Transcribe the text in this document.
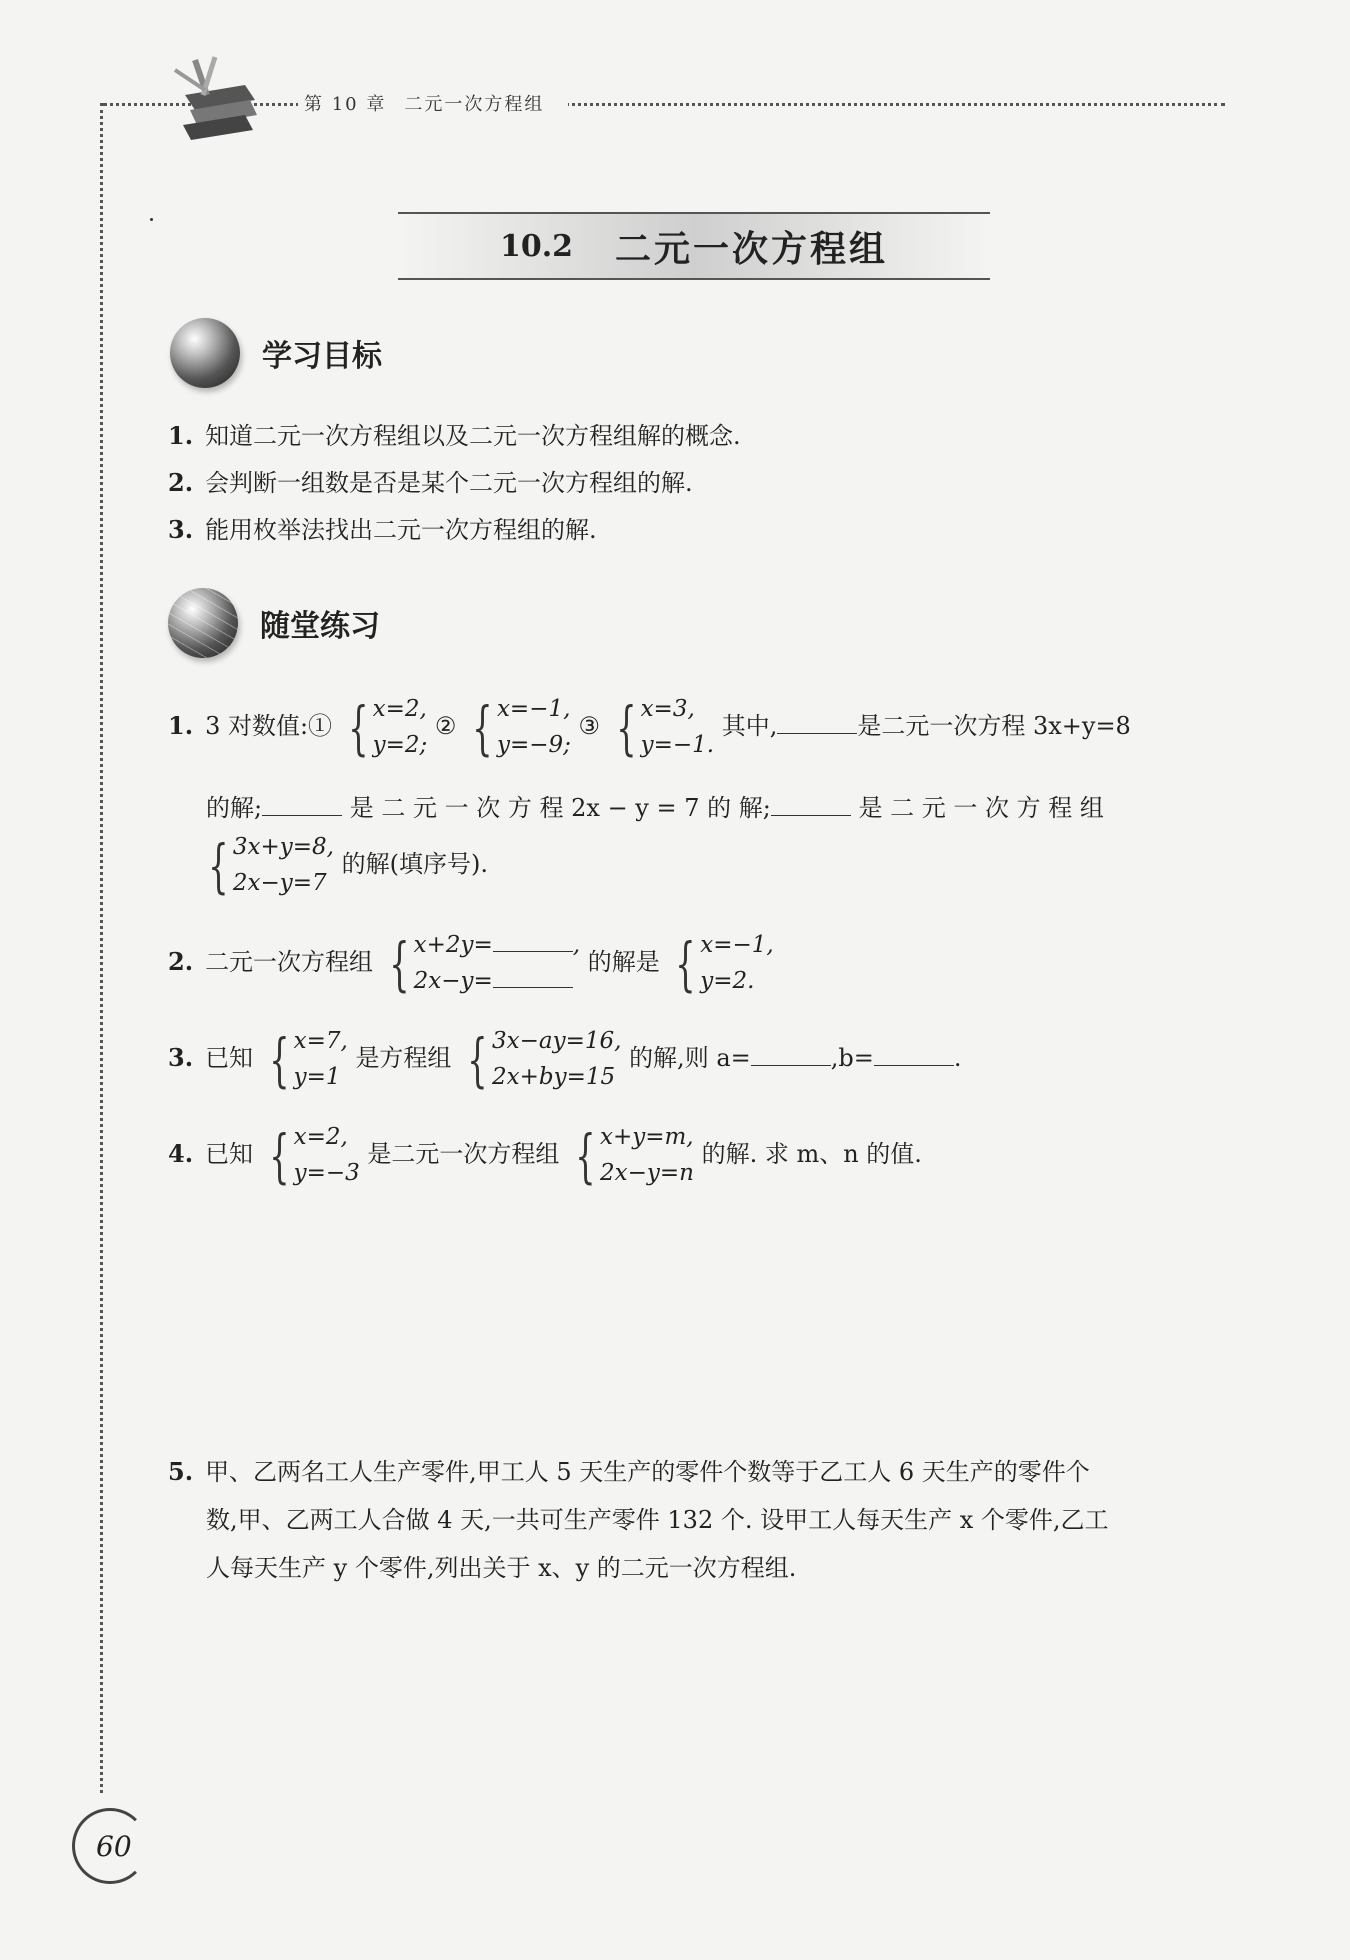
第 10 章 二元一次方程组
10.2 二元一次方程组
学习目标
1. 知道二元一次方程组以及二元一次方程组解的概念.
2. 会判断一组数是否是某个二元一次方程组的解.
3. 能用枚举法找出二元一次方程组的解.
随堂练习
1. 3 对数值:① { x=2,
y=2;
② { x=−1,
y=−9;
③ { x=3,
y=−1.
其中,	是二元一次方程 3x+y=8
的解;	是 二 元 一 次 方 程 2x − y = 7 的 解;	是 二 元 一 次 方 程 组
{ 3x+y=8,
2x−y=7
的解(填序号).
2. 二元一次方程组 { x+2y=	,
2x−y=
的解是 { x=−1,
y=2.
3. 已知 { x=7,
y=1
是方程组 { 3x−ay=16,
2x+by=15
的解,则 a=	,b=	.
4. 已知 { x=2,
y=−3
是二元一次方程组 { x+y=m,
2x−y=n
的解. 求 m、n 的值.
5. 甲、乙两名工人生产零件,甲工人 5 天生产的零件个数等于乙工人 6 天生产的零件个
数,甲、乙两工人合做 4 天,一共可生产零件 132 个. 设甲工人每天生产 x 个零件,乙工
人每天生产 y 个零件,列出关于 x、y 的二元一次方程组.
60
